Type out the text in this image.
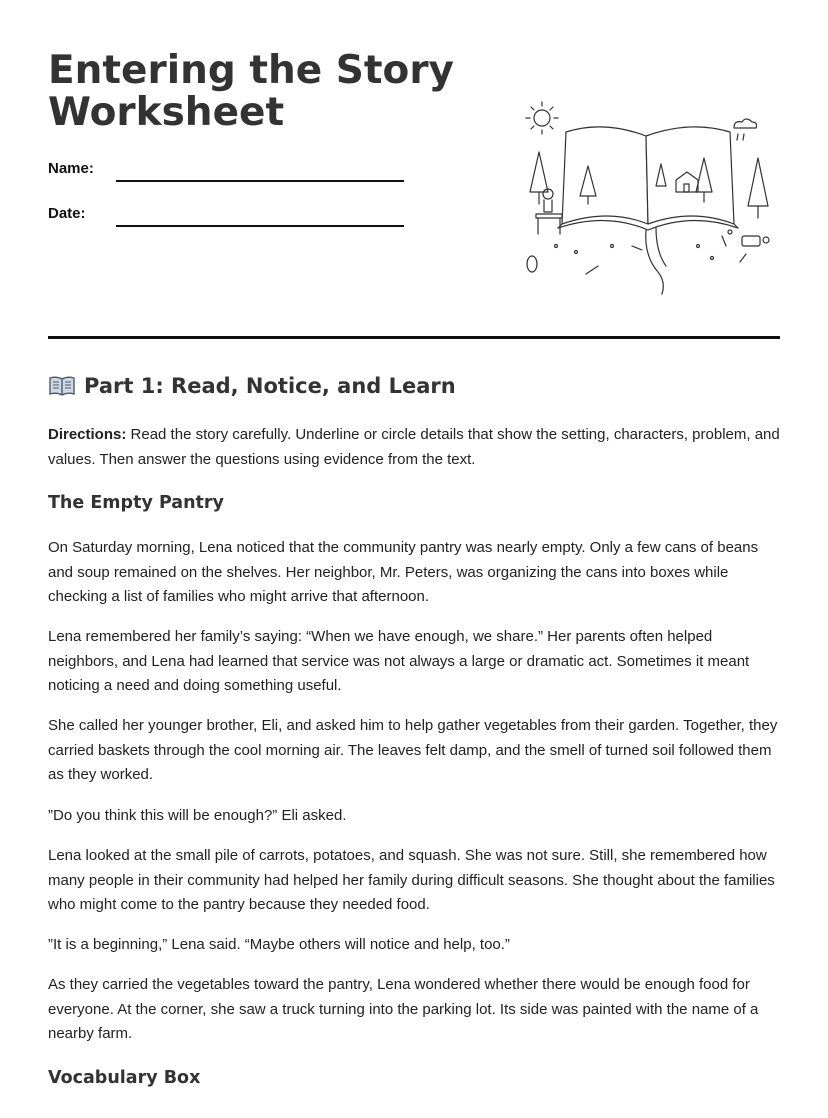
Entering the Story
Worksheet
Name:
Date:
Part 1: Read, Notice, and Learn

Directions: Read the story carefully. Underline or circle details that show the setting, characters, problem, and values. Then answer the questions using evidence from the text.

The Empty Pantry

On Saturday morning, Lena noticed that the community pantry was nearly empty. Only a few cans of beans and soup remained on the shelves. Her neighbor, Mr. Peters, was organizing the cans into boxes while checking a list of families who might arrive that afternoon.

Lena remembered her family’s saying: “When we have enough, we share.” Her parents often helped neighbors, and Lena had learned that service was not always a large or dramatic act. Sometimes it meant noticing a need and doing something useful.

She called her younger brother, Eli, and asked him to help gather vegetables from their garden. Together, they carried baskets through the cool morning air. The leaves felt damp, and the smell of turned soil followed them as they worked.

”Do you think this will be enough?” Eli asked.

Lena looked at the small pile of carrots, potatoes, and squash. She was not sure. Still, she remembered how many people in their community had helped her family during difficult seasons. She thought about the families who might come to the pantry because they needed food.

”It is a beginning,” Lena said. “Maybe others will notice and help, too.”

As they carried the vegetables toward the pantry, Lena wondered whether there would be enough food for everyone. At the corner, she saw a truck turning into the parking lot. Its side was painted with the name of a nearby farm.

Vocabulary Box
